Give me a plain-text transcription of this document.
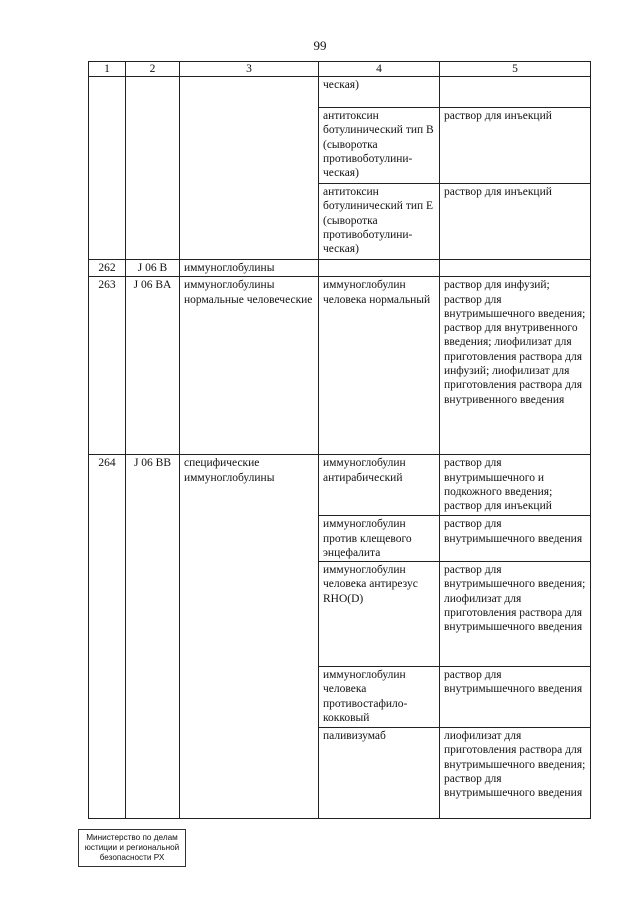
99
1	2	3	4	5
			ческая)	
			антитоксин ботулинический тип В (сыворотка противоботулини-ческая)	раствор для инъекций
			антитоксин ботулинический тип Е (сыворотка противоботулини-ческая)	раствор для инъекций
262	J 06 B	иммуноглобулины		
263	J 06 BA	иммуноглобулины нормальные человеческие	иммуноглобулин человека нормальный	раствор для инфузий; раствор для внутримышечного введения; раствор для внутривенного введения; лиофилизат для приготовления раствора для инфузий; лиофилизат для приготовления раствора для внутривенного введения
264	J 06 BB	специфические иммуноглобулины	иммуноглобулин антирабический	раствор для внутримышечного и подкожного введения; раствор для инъекций
			иммуноглобулин против клещевого энцефалита	раствор для внутримышечного введения
			иммуноглобулин человека антирезус RHO(D)	раствор для внутримышечного введения; лиофилизат для приготовления раствора для внутримышечного введения
			иммуноглобулин человека противостафило-кокковый	раствор для внутримышечного введения
			паливизумаб	лиофилизат для приготовления раствора для внутримышечного введения; раствор для внутримышечного введения
Министерство по делам
юстиции и региональной
безопасности РХ
